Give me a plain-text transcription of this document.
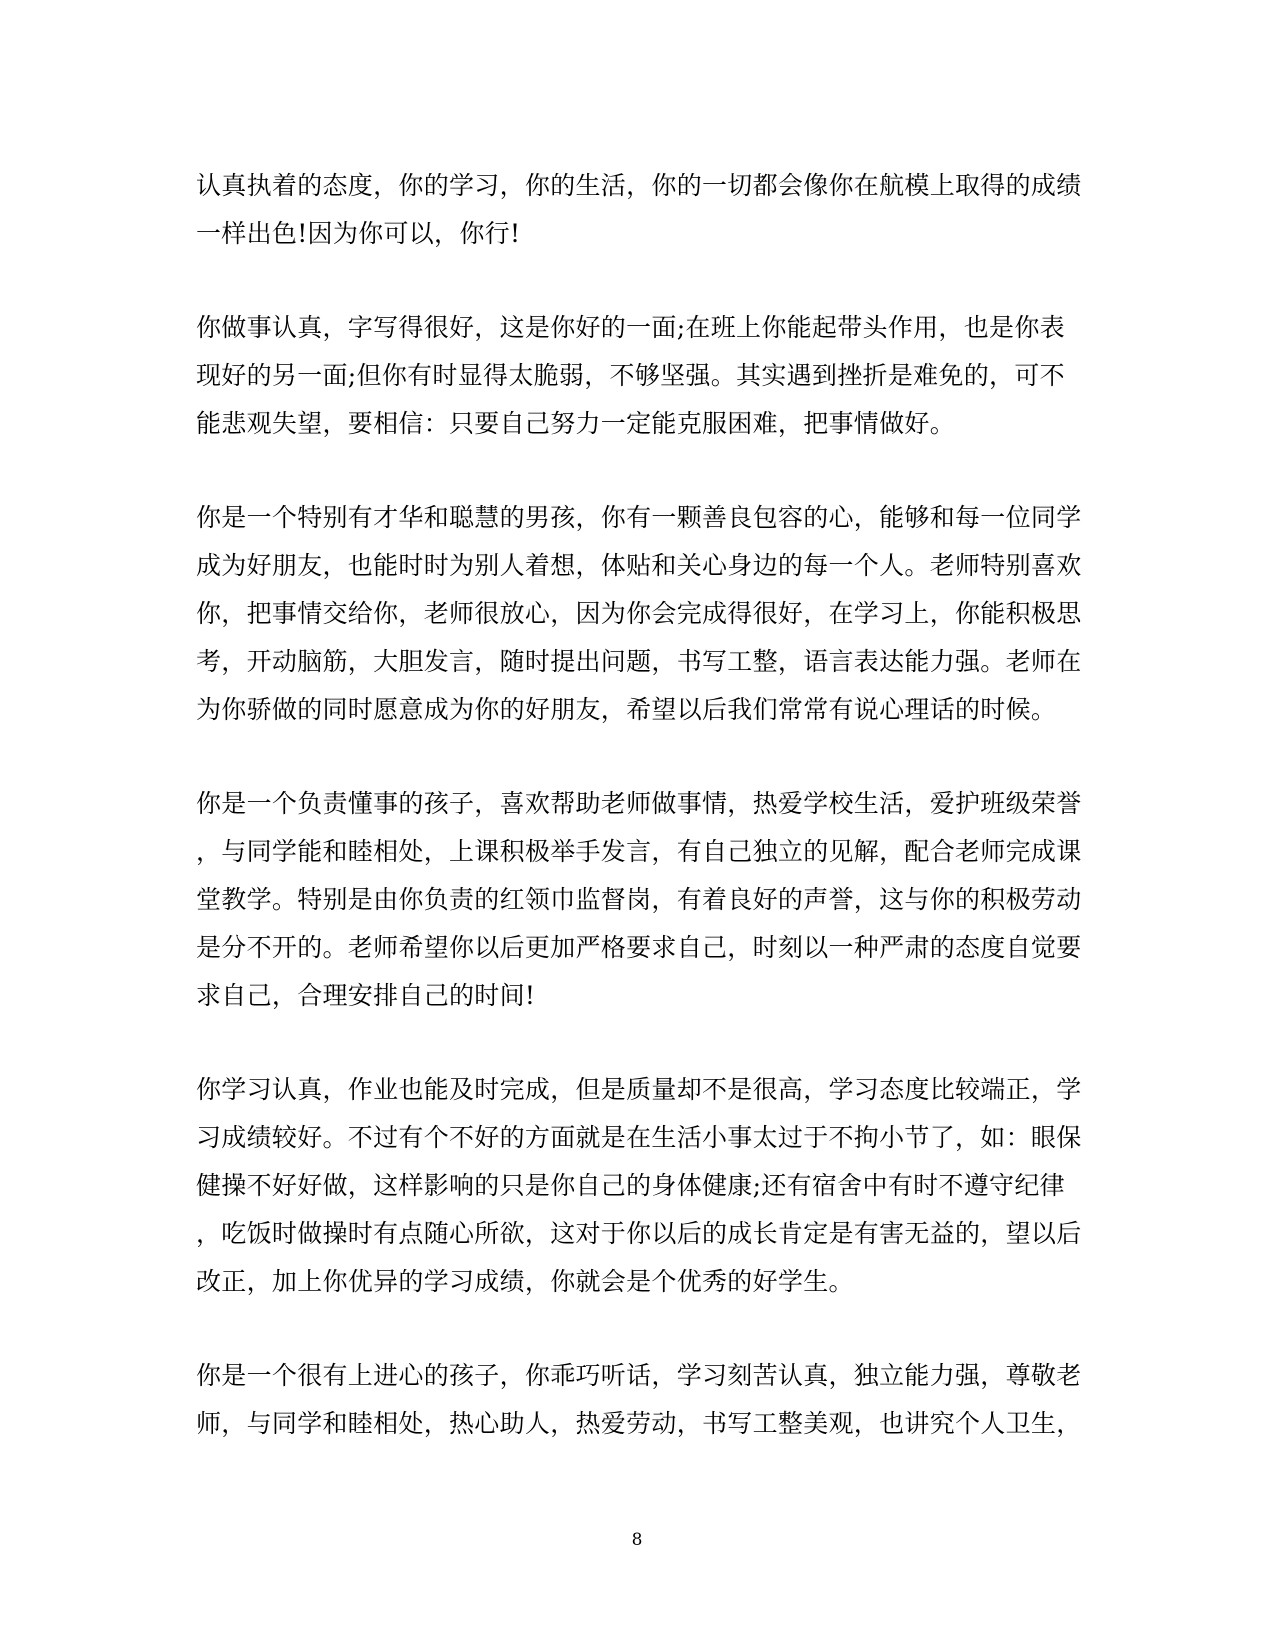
认真执着的态度，你的学习，你的生活，你的一切都会像你在航模上取得的成绩
一样出色!因为你可以，你行!
你做事认真，字写得很好，这是你好的一面;在班上你能起带头作用，也是你表
现好的另一面;但你有时显得太脆弱，不够坚强。其实遇到挫折是难免的，可不
能悲观失望，要相信：只要自己努力一定能克服困难，把事情做好。
你是一个特别有才华和聪慧的男孩，你有一颗善良包容的心，能够和每一位同学
成为好朋友，也能时时为别人着想，体贴和关心身边的每一个人。老师特别喜欢
你，把事情交给你，老师很放心，因为你会完成得很好，在学习上，你能积极思
考，开动脑筋，大胆发言，随时提出问题，书写工整，语言表达能力强。老师在
为你骄做的同时愿意成为你的好朋友，希望以后我们常常有说心理话的时候。
你是一个负责懂事的孩子，喜欢帮助老师做事情，热爱学校生活，爱护班级荣誉
，与同学能和睦相处，上课积极举手发言，有自己独立的见解，配合老师完成课
堂教学。特别是由你负责的红领巾监督岗，有着良好的声誉，这与你的积极劳动
是分不开的。老师希望你以后更加严格要求自己，时刻以一种严肃的态度自觉要
求自己，合理安排自己的时间!
你学习认真，作业也能及时完成，但是质量却不是很高，学习态度比较端正，学
习成绩较好。不过有个不好的方面就是在生活小事太过于不拘小节了，如：眼保
健操不好好做，这样影响的只是你自己的身体健康;还有宿舍中有时不遵守纪律
，吃饭时做操时有点随心所欲，这对于你以后的成长肯定是有害无益的，望以后
改正，加上你优异的学习成绩，你就会是个优秀的好学生。
你是一个很有上进心的孩子，你乖巧听话，学习刻苦认真，独立能力强，尊敬老
师，与同学和睦相处，热心助人，热爱劳动，书写工整美观，也讲究个人卫生，
8
